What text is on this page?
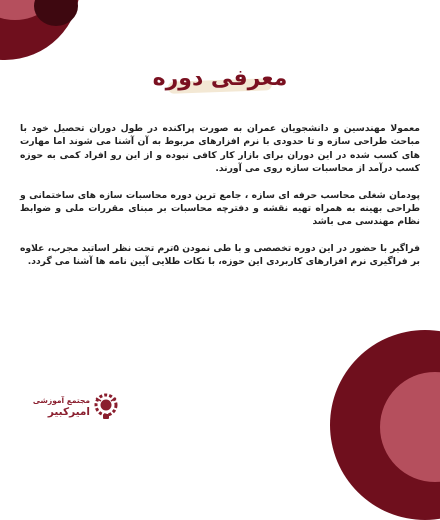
معرفی دوره

معمولا مهندسین و دانشجویان عمران به صورت پراکنده در طول دوران تحصیل خود با مباحث طراحی سازه و تا حدودی با نرم افزارهای مربوط به آن آشنا می شوند اما مهارت های کسب شده در این دوران برای بازار کار کافی نبوده و از این رو افراد کمی به حوزه کسب درآمد از محاسبات سازه روی می آورند.

پودمان شغلی محاسب حرفه ای سازه ، جامع ترین دوره محاسبات سازه های ساختمانی و طراحی بهینه به همراه تهیه نقشه و دفترچه محاسبات بر مبنای مقررات ملی و ضوابط نظام مهندسی می باشد

فراگیر با حضور در این دوره تخصصی و با طی نمودن ۵ترم تحت نظر اساتید مجرب، علاوه بر فراگیری نرم افزارهای کاربردی این حوزه، با نکات طلایی آیین نامه ها آشنا می گردد.

مجتمع آموزشی
امیرکبیر
